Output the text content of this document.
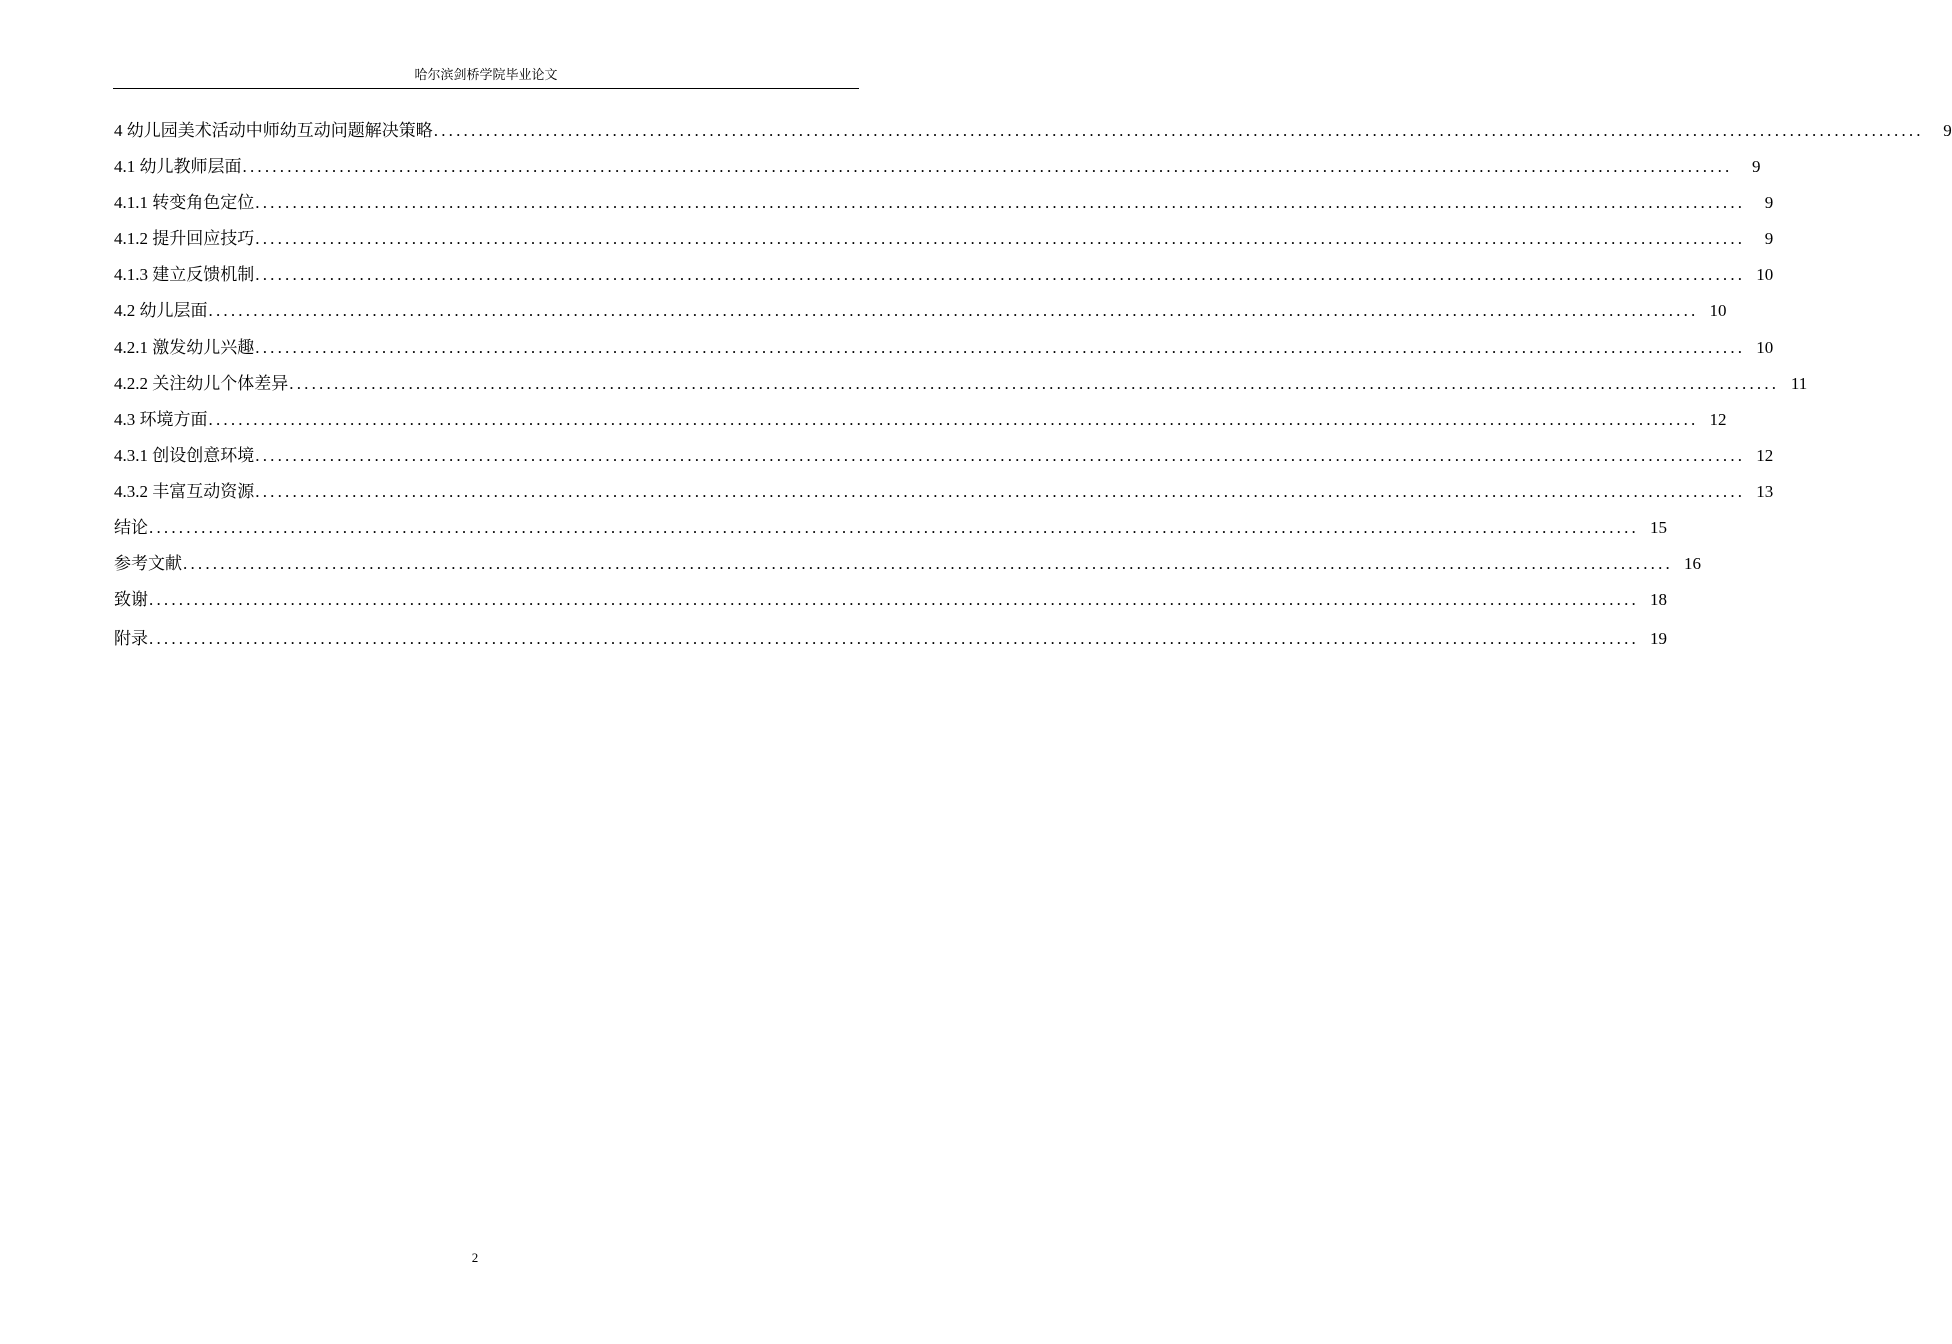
哈尔滨剑桥学院毕业论文
4 幼儿园美术活动中师幼互动问题解决策略 ........................................................................................................................................................................................................	9
4.1 幼儿教师层面 ........................................................................................................................................................................................................	9
4.1.1 转变角色定位 ........................................................................................................................................................................................................	9
4.1.2 提升回应技巧 ........................................................................................................................................................................................................	9
4.1.3 建立反馈机制 ........................................................................................................................................................................................................ 10
4.2 幼儿层面 ........................................................................................................................................................................................................ 10
4.2.1 激发幼儿兴趣 ........................................................................................................................................................................................................ 10
4.2.2 关注幼儿个体差异 ........................................................................................................................................................................................................ 11
4.3 环境方面 ........................................................................................................................................................................................................ 12
4.3.1 创设创意环境 ........................................................................................................................................................................................................ 12
4.3.2 丰富互动资源 ........................................................................................................................................................................................................ 13
结论 ........................................................................................................................................................................................................ 15
参考文献 ........................................................................................................................................................................................................ 16
致谢 ........................................................................................................................................................................................................ 18
附录 ........................................................................................................................................................................................................ 19
2
